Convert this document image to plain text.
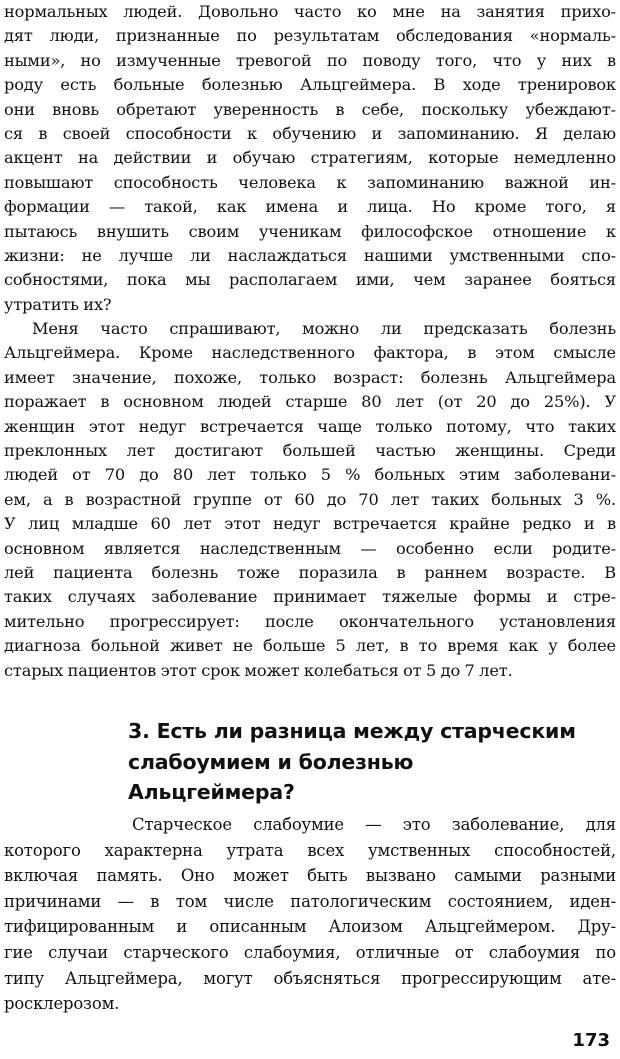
нормальных людей. Довольно часто ко мне на занятия прихо-
дят люди, признанные по результатам обследования «нормаль-
ными», но измученные тревогой по поводу того, что у них в
роду есть больные болезнью Альцгеймера. В ходе тренировок
они вновь обретают уверенность в себе, поскольку убеждают-
ся в своей способности к обучению и запоминанию. Я делаю
акцент на действии и обучаю стратегиям, которые немедленно
повышают способность человека к запоминанию важной ин-
формации — такой, как имена и лица. Но кроме того, я
пытаюсь внушить своим ученикам философское отношение к
жизни: не лучше ли наслаждаться нашими умственными спо-
собностями, пока мы располагаем ими, чем заранее бояться
утратить их?
Меня часто спрашивают, можно ли предсказать болезнь
Альцгеймера. Кроме наследственного фактора, в этом смысле
имеет значение, похоже, только возраст: болезнь Альцгеймера
поражает в основном людей старше 80 лет (от 20 до 25%). У
женщин этот недуг встречается чаще только потому, что таких
преклонных лет достигают большей частью женщины. Среди
людей от 70 до 80 лет только 5 % больных этим заболевани-
ем, а в возрастной группе от 60 до 70 лет таких больных 3 %.
У лиц младше 60 лет этот недуг встречается крайне редко и в
основном является наследственным — особенно если родите-
лей пациента болезнь тоже поразила в раннем возрасте. В
таких случаях заболевание принимает тяжелые формы и стре-
мительно прогрессирует: после окончательного установления
диагноза больной живет не больше 5 лет, в то время как у более
старых пациентов этот срок может колебаться от 5 до 7 лет.
3. Есть ли разница между старческим
слабоумием и болезнью
Альцгеймера?
Старческое слабоумие — это заболевание, для
которого характерна утрата всех умственных способностей,
включая память. Оно может быть вызвано самыми разными
причинами — в том числе патологическим состоянием, иден-
тифицированным и описанным Алоизом Альцгеймером. Дру-
гие случаи старческого слабоумия, отличные от слабоумия по
типу Альцгеймера, могут объясняться прогрессирующим ате-
росклерозом.
173
